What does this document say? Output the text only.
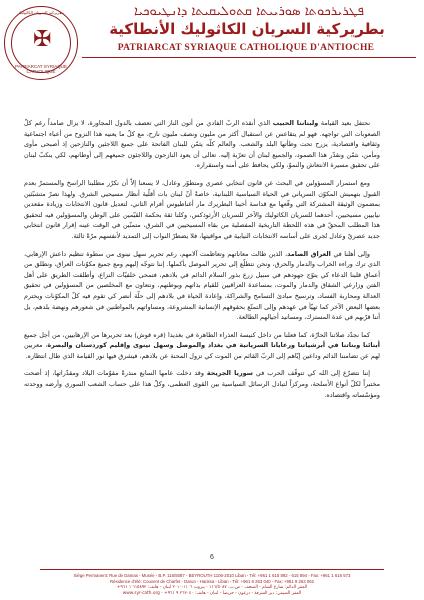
بطريركية السريان الكاثوليك
✠
PATRIARCAT SYRIAQUE CATHOLIQUE
ܦܛܪܝܪܟܘܬܐ ܣܘܪܝܝܬܐ ܩܬܘܠܝܩܝܬܐ ܕܐܢܛܝܘܟܝܐ
بطريركية السريان الكاثوليك الأنطاكية
PATRIARCAT SYRIAQUE CATHOLIQUE D'ANTIOCHE

نحتفل بعيد القيامة ولبناننا الحبيب الذي أنقذه الربّ الفادي من أتون النار التي تعصف بالدول المجاورة، لا يزال صامداً رغم كلّ الصعوبات التي تواجهه. فهو لم يتقاعس عن استقبال أكثر من مليون ونصف مليون نازح، مع كلّ ما يعنيه هذا النزوح من أعباء اجتماعية وثقافية واقتصادية، يزرح تحت وطأتها البلد والشعب. والعالم كلّه يثمّن للبنان الفاتحة على جميع اللاجئين والنازحين إذ أصبحى مأوى ومأمن، نثمّن ونقدّر هذا الصمود، والجميع لبنان أن تعرّبة إليه. تعالى أن يعود النازحون واللاجئون جميعهم إلى أوطانهم، لكي ينكبّ لبنان على تحقيق مسيرة الانتعاش والنموّ، ولكي يحافظ على أمنه واستقراره.

ومع استمرار المسؤولين في البحث عن قانون انتخابي عصري ومتطوّر وعادل، لا يسعنا إلاّ أن نكرّر مطلبنا الراسخ والمستمرّ بعدم القبول بتهميش المكوّن السرياني في الحياة السياسية اللبنانية، خاصةً أنّ لبنان بات أقلّية أنظار مسيحيي الشرق. ولهذا نصرّ متشبّثين بمضمون الوثيقة المشتركة التي وقّعها مع قداسة أخينا البطريرك مار أغناطيوس أفرام الثاني، لتعديل قانون الانتخابات وزيادة مقعدين نيابيين مسيحيين، أحدهما للسريان الكاثوليك والآخر للسريان الأرثوذكس، وكلنا ثقة بحكمة القيّمين على الوطن والمسؤولين فيه لتحقيق هذا المطلب المحقّ في هذه اللحظة التاريخية المفصلية من بقاء المسيحيين في الشرق، متمنّين في الوقت عينه إقرار قانون انتخابي جديد عصريّ وعادل تُجرى على أساسه الانتخابات النيابية في مواقيتها، فلا يضطرّ النواب إلى التمديد لأنفسهم مرّةً ثالثة.

وإلى أهلنا في العراق الصامد، الذين طالت معاناتهم وتعاظمت آلامهم، رغم تحرير سهل نينوى من سطوة تنظيم داعش الإرهابي، الذي ترك وراءه الخراب والدمار والحرق، ونحن نتطلّع إلى تحرير الموصل بأكملها. إننا نتوجّه إليهم ومع جميع مكوّنات العراق، ونطلق من أعماق قلبنا الدعاء كي يتوّج جهودهم في سبيل زرع بذور السلام الدائم في بلادهم، فتمحى خلفيّات النزاع، وأطلقت الطريق على أهل الفتن وزارعي الشقاق والدمار والموت، بمساعدة العراقيين للقيام بذاتهم وبوطنهم، ونتعاون مع المخلصين من المسؤولين في تحقيق العدالة ومحاربة الفساد، وترسيخ مبادئ التسامح والشراكة، وإعادة الحياة في بلادهم إلى حلّة أنضر كي تقوم فيه كلّ المكوّنات ويحترم بعضها البعض الآخر كما تهيّأ في عهدهم وإلى التمتّع بحقوقهم الإنسانية المشروعة، ومساواتهم بالمواطنين في شعورهم ونهضة بلدهم، بل أننا قرّبهم في عدة المسترك، ومسانيد أجيالهم الطالعة.

كما نجدّد صلاتنا الحارّة، كما فعلنا من داخل كنيسة العذراء الطاهرة في بغديدا (قره قوش) بعد تحريرها من الإرهابيين، من أجل جميع أبنائنا وبناتنا في أبرشياتنا ورعايانا السريانية في بغداد والموصل وسهل نينوى وإقليم كوردستان والبصرة، معربين لهم عن تضامننا الدائم وداعين إيّاهم إلى الربّ القائم من الموت كي تزول المحنة عن بلادهم، فيشرق فيها نور القيامة الذي طال انتظاره.

إننا نتضرّع إلى الله كي تتوقّف الحرب في سوريا الجريحة وقد دخلت عامها السابع منذرةً مقوّمات البلاد ومقدّراتها، إذ أضحت مختبراً لكلّ أنواع الأسلحة، ومركزاً لتبادل الرسائل السياسية بين القوى العظمى، وكلّ هذا على حساب الشعب السوري وأرضه ووحدته ومؤسّساته واقتصاده.

6
Siège Permanent: Rue de Damas - Musée - B.P. 116/5087 - BEYROUTH 1106-2010 Liban - Tél: +961 1 615 892 - 615 894 - Fax: +961 1 616 573
Résidence d'été: Couvent de Charfet - Darun - Harissa - Liban - Tél: +961 9 263 040 - Fax: +961 9 263 062
المقر الدائم: شارع الشام - المتحف - ص.ب. ١١٦/٥٠٨٧ - بيروت ١١٠٦-٢٠١٠ لبنان - هاتف: ٦١٥٨٩٢ ١ ٩٦١+
المقر الصيفي: دير الشرفة - درعون - حريصا - لبنان - هاتف: ٢٦٣٠٤٠ ٩ ٩٦١+ - www.syr-cath.org
